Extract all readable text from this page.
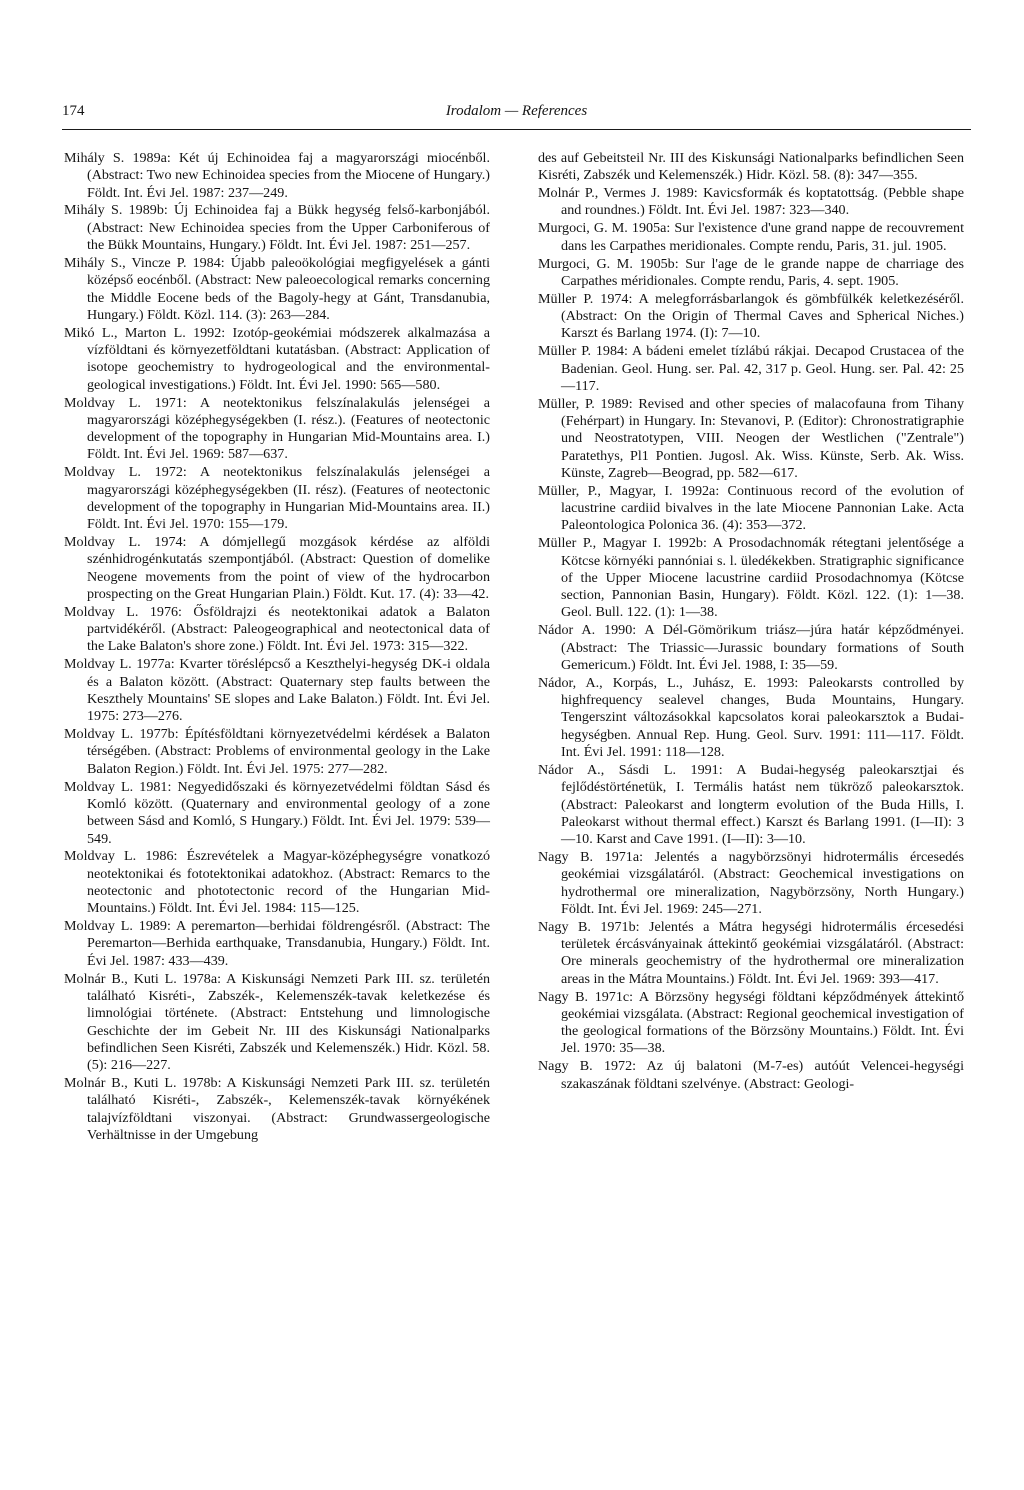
174	Irodalom — References

Mihály S. 1989a: Két új Echinoidea faj a magyarországi miocénből. (Abstract: Two new Echinoidea species from the Miocene of Hungary.) Földt. Int. Évi Jel. 1987: 237—249.

Mihály S. 1989b: Új Echinoidea faj a Bükk hegység felső-karbonjából. (Abstract: New Echinoidea species from the Upper Carboniferous of the Bükk Mountains, Hungary.) Földt. Int. Évi Jel. 1987: 251—257.

Mihály S., Vincze P. 1984: Újabb paleoökológiai megfigyelések a gánti középső eocénből. (Abstract: New paleoecological remarks concerning the Middle Eocene beds of the Bagoly-hegy at Gánt, Transdanubia, Hungary.) Földt. Közl. 114. (3): 263—284.

Mikó L., Marton L. 1992: Izotóp-geokémiai módszerek alkalmazása a vízföldtani és környezetföldtani kutatásban. (Abstract: Application of isotope geochemistry to hydrogeological and the environmental-geological investigations.) Földt. Int. Évi Jel. 1990: 565—580.

Moldvay L. 1971: A neotektonikus felszínalakulás jelenségei a magyarországi középhegységekben (I. rész.). (Features of neotectonic development of the topography in Hungarian Mid-Mountains area. I.) Földt. Int. Évi Jel. 1969: 587—637.

Moldvay L. 1972: A neotektonikus felszínalakulás jelenségei a magyarországi középhegységekben (II. rész). (Features of neotectonic development of the topography in Hungarian Mid-Mountains area. II.) Földt. Int. Évi Jel. 1970: 155—179.

Moldvay L. 1974: A dómjellegű mozgások kérdése az alföldi szénhidrogénkutatás szempontjából. (Abstract: Question of domelike Neogene movements from the point of view of the hydrocarbon prospecting on the Great Hungarian Plain.) Földt. Kut. 17. (4): 33—42.

Moldvay L. 1976: Ősföldrajzi és neotektonikai adatok a Balaton partvidékéről. (Abstract: Paleogeographical and neotectonical data of the Lake Balaton's shore zone.) Földt. Int. Évi Jel. 1973: 315—322.

Moldvay L. 1977a: Kvarter töréslépcső a Keszthelyi-hegység DK-i oldala és a Balaton között. (Abstract: Quaternary step faults between the Keszthely Mountains' SE slopes and Lake Balaton.) Földt. Int. Évi Jel. 1975: 273—276.

Moldvay L. 1977b: Építésföldtani környezetvédelmi kérdések a Balaton térségében. (Abstract: Problems of environmental geology in the Lake Balaton Region.) Földt. Int. Évi Jel. 1975: 277—282.

Moldvay L. 1981: Negyedidőszaki és környezetvédelmi földtan Sásd és Komló között. (Quaternary and environmental geology of a zone between Sásd and Komló, S Hungary.) Földt. Int. Évi Jel. 1979: 539—549.

Moldvay L. 1986: Észrevételek a Magyar-középhegységre vonatkozó neotektonikai és fototektonikai adatokhoz. (Abstract: Remarcs to the neotectonic and phototectonic record of the Hungarian Mid-Mountains.) Földt. Int. Évi Jel. 1984: 115—125.

Moldvay L. 1989: A peremarton—berhidai földrengésről. (Abstract: The Peremarton—Berhida earthquake, Transdanubia, Hungary.) Földt. Int. Évi Jel. 1987: 433—439.

Molnár B., Kuti L. 1978a: A Kiskunsági Nemzeti Park III. sz. területén található Kisréti-, Zabszék-, Kelemenszék-tavak keletkezése és limnológiai története. (Abstract: Entstehung und limnologische Geschichte der im Gebeit Nr. III des Kiskunsági Nationalparks befindlichen Seen Kisréti, Zabszék und Kelemenszék.) Hidr. Közl. 58. (5): 216—227.

Molnár B., Kuti L. 1978b: A Kiskunsági Nemzeti Park III. sz. területén található Kisréti-, Zabszék-, Kelemenszék-tavak környékének talajvízföldtani viszonyai. (Abstract: Grundwassergeologische Verhältnisse in der Umgebung

des auf Gebeitsteil Nr. III des Kiskunsági Nationalparks befindlichen Seen Kisréti, Zabszék und Kelemenszék.) Hidr. Közl. 58. (8): 347—355.

Molnár P., Vermes J. 1989: Kavicsformák és koptatottság. (Pebble shape and roundnes.) Földt. Int. Évi Jel. 1987: 323—340.

Murgoci, G. M. 1905a: Sur l'existence d'une grand nappe de recouvrement dans les Carpathes meridionales. Compte rendu, Paris, 31. jul. 1905.

Murgoci, G. M. 1905b: Sur l'age de le grande nappe de charriage des Carpathes méridionales. Compte rendu, Paris, 4. sept. 1905.

Müller P. 1974: A melegforrásbarlangok és gömbfülkék keletkezéséről. (Abstract: On the Origin of Thermal Caves and Spherical Niches.) Karszt és Barlang 1974. (I): 7—10.

Müller P. 1984: A bádeni emelet tízlábú rákjai. Decapod Crustacea of the Badenian. Geol. Hung. ser. Pal. 42, 317 p. Geol. Hung. ser. Pal. 42: 25—117.

Müller, P. 1989: Revised and other species of malacofauna from Tihany (Fehérpart) in Hungary. In: Stevanovi, P. (Editor): Chronostratigraphie und Neostratotypen, VIII. Neogen der Westlichen ("Zentrale") Paratethys, Pl1 Pontien. Jugosl. Ak. Wiss. Künste, Serb. Ak. Wiss. Künste, Zagreb—Beograd, pp. 582—617.

Müller, P., Magyar, I. 1992a: Continuous record of the evolution of lacustrine cardiid bivalves in the late Miocene Pannonian Lake. Acta Paleontologica Polonica 36. (4): 353—372.

Müller P., Magyar I. 1992b: A Prosodachnomák rétegtani jelentősége a Kötcse környéki pannóniai s. l. üledékekben. Stratigraphic significance of the Upper Miocene lacustrine cardiid Prosodachnomya (Kötcse section, Pannonian Basin, Hungary). Földt. Közl. 122. (1): 1—38. Geol. Bull. 122. (1): 1—38.

Nádor A. 1990: A Dél-Gömörikum triász—júra határ képződményei. (Abstract: The Triassic—Jurassic boundary formations of South Gemericum.) Földt. Int. Évi Jel. 1988, I: 35—59.

Nádor, A., Korpás, L., Juhász, E. 1993: Paleokarsts controlled by highfrequency sealevel changes, Buda Mountains, Hungary. Tengerszint változásokkal kapcsolatos korai paleokarsztok a Budai-hegységben. Annual Rep. Hung. Geol. Surv. 1991: 111—117. Földt. Int. Évi Jel. 1991: 118—128.

Nádor A., Sásdi L. 1991: A Budai-hegység paleokarsztjai és fejlődéstörténetük, I. Termális hatást nem tükröző paleokarsztok. (Abstract: Paleokarst and longterm evolution of the Buda Hills, I. Paleokarst without thermal effect.) Karszt és Barlang 1991. (I—II): 3—10. Karst and Cave 1991. (I—II): 3—10.

Nagy B. 1971a: Jelentés a nagybörzsönyi hidrotermális ércesedés geokémiai vizsgálatáról. (Abstract: Geochemical investigations on hydrothermal ore mineralization, Nagybörzsöny, North Hungary.) Földt. Int. Évi Jel. 1969: 245—271.

Nagy B. 1971b: Jelentés a Mátra hegységi hidrotermális ércesedési területek ércásványainak áttekintő geokémiai vizsgálatáról. (Abstract: Ore minerals geochemistry of the hydrothermal ore mineralization areas in the Mátra Mountains.) Földt. Int. Évi Jel. 1969: 393—417.

Nagy B. 1971c: A Börzsöny hegységi földtani képződmények áttekintő geokémiai vizsgálata. (Abstract: Regional geochemical investigation of the geological formations of the Börzsöny Mountains.) Földt. Int. Évi Jel. 1970: 35—38.

Nagy B. 1972: Az új balatoni (M-7-es) autóút Velencei-hegységi szakaszának földtani szelvénye. (Abstract: Geologi-
